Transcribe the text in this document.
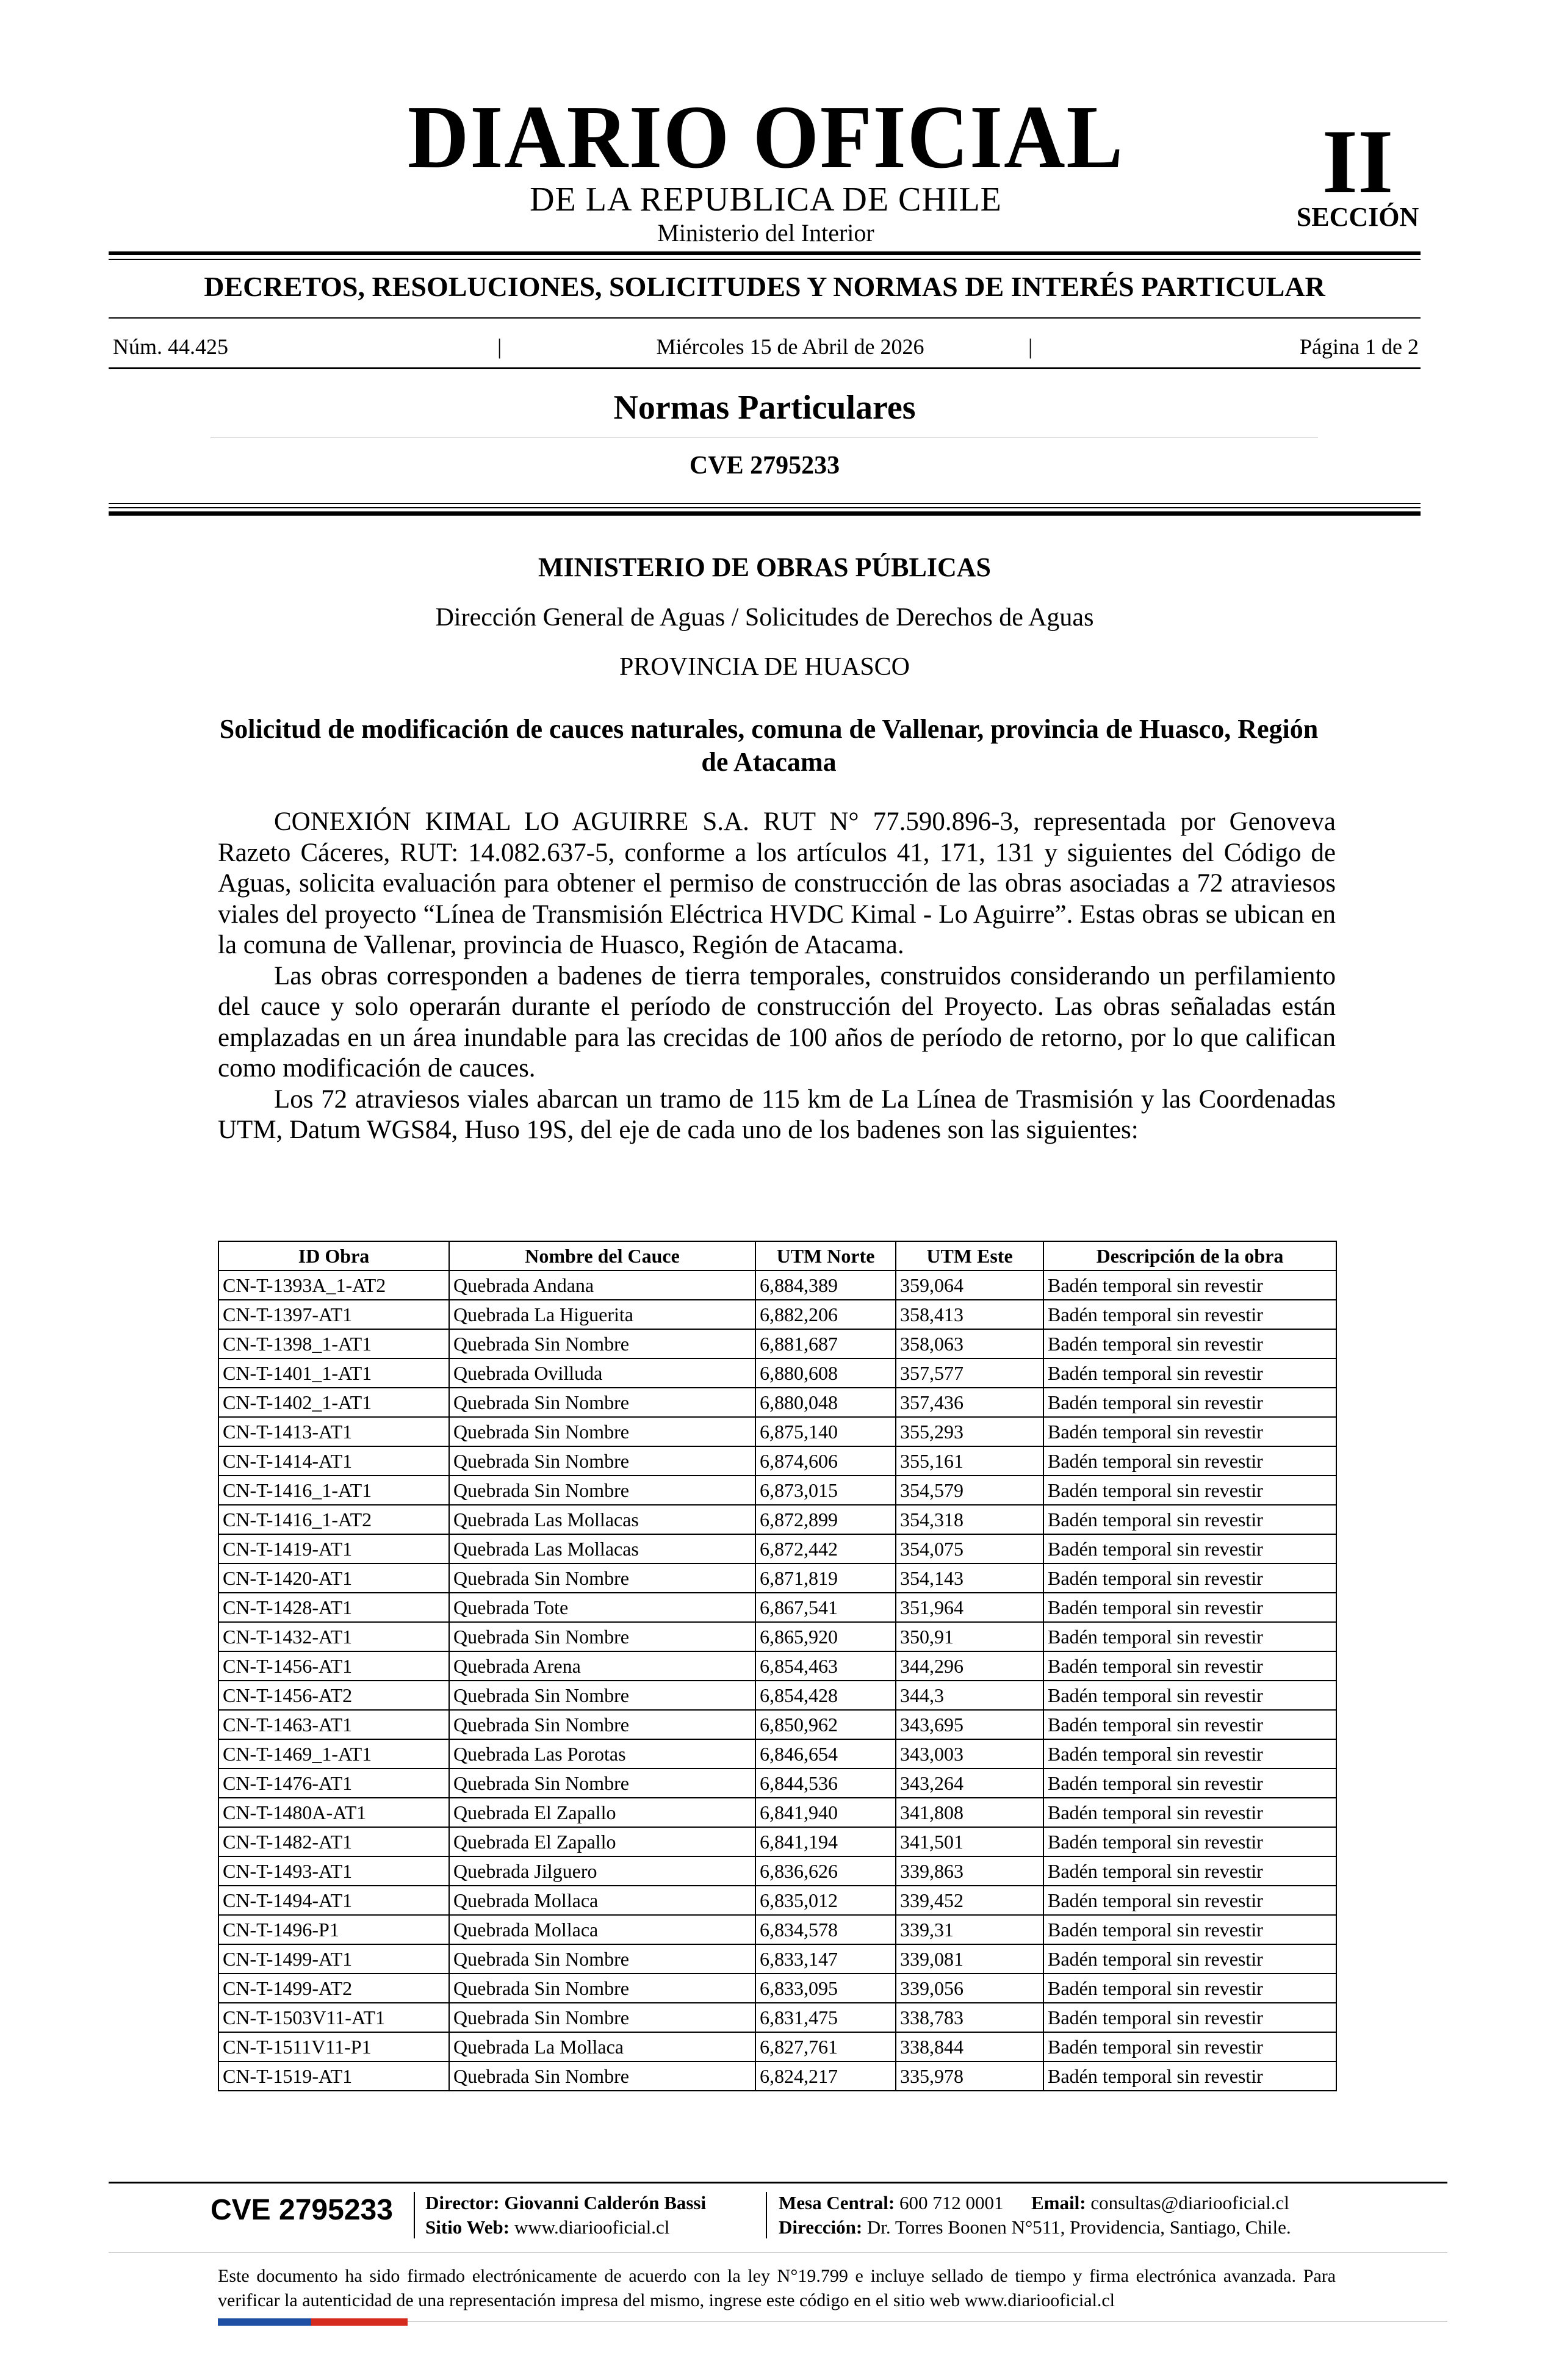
DIARIO OFICIAL
DE LA REPUBLICA DE CHILE
Ministerio del Interior
II
SECCIÓN
DECRETOS, RESOLUCIONES, SOLICITUDES Y NORMAS DE INTERÉS PARTICULAR
Núm. 44.425	|	Miércoles 15 de Abril de 2026	|	Página 1 de 2
Normas Particulares
CVE 2795233
MINISTERIO DE OBRAS PÚBLICAS
Dirección General de Aguas / Solicitudes de Derechos de Aguas
PROVINCIA DE HUASCO
Solicitud de modificación de cauces naturales, comuna de Vallenar, provincia de Huasco, Región de Atacama

CONEXIÓN KIMAL LO AGUIRRE S.A. RUT N° 77.590.896-3, representada por Genoveva Razeto Cáceres, RUT: 14.082.637-5, conforme a los artículos 41, 171, 131 y siguientes del Código de Aguas, solicita evaluación para obtener el permiso de construcción de las obras asociadas a 72 atraviesos viales del proyecto “Línea de Transmisión Eléctrica HVDC Kimal - Lo Aguirre”. Estas obras se ubican en la comuna de Vallenar, provincia de Huasco, Región de Atacama.

Las obras corresponden a badenes de tierra temporales, construidos considerando un perfilamiento del cauce y solo operarán durante el período de construcción del Proyecto. Las obras señaladas están emplazadas en un área inundable para las crecidas de 100 años de período de retorno, por lo que califican como modificación de cauces.

Los 72 atraviesos viales abarcan un tramo de 115 km de La Línea de Trasmisión y las Coordenadas UTM, Datum WGS84, Huso 19S, del eje de cada uno de los badenes son las siguientes:

ID Obra	Nombre del Cauce	UTM Norte	UTM Este	Descripción de la obra
CN-T-1393A_1-AT2	Quebrada Andana	6,884,389	359,064	Badén temporal sin revestir
CN-T-1397-AT1	Quebrada La Higuerita	6,882,206	358,413	Badén temporal sin revestir
CN-T-1398_1-AT1	Quebrada Sin Nombre	6,881,687	358,063	Badén temporal sin revestir
CN-T-1401_1-AT1	Quebrada Ovilluda	6,880,608	357,577	Badén temporal sin revestir
CN-T-1402_1-AT1	Quebrada Sin Nombre	6,880,048	357,436	Badén temporal sin revestir
CN-T-1413-AT1	Quebrada Sin Nombre	6,875,140	355,293	Badén temporal sin revestir
CN-T-1414-AT1	Quebrada Sin Nombre	6,874,606	355,161	Badén temporal sin revestir
CN-T-1416_1-AT1	Quebrada Sin Nombre	6,873,015	354,579	Badén temporal sin revestir
CN-T-1416_1-AT2	Quebrada Las Mollacas	6,872,899	354,318	Badén temporal sin revestir
CN-T-1419-AT1	Quebrada Las Mollacas	6,872,442	354,075	Badén temporal sin revestir
CN-T-1420-AT1	Quebrada Sin Nombre	6,871,819	354,143	Badén temporal sin revestir
CN-T-1428-AT1	Quebrada Tote	6,867,541	351,964	Badén temporal sin revestir
CN-T-1432-AT1	Quebrada Sin Nombre	6,865,920	350,91	Badén temporal sin revestir
CN-T-1456-AT1	Quebrada Arena	6,854,463	344,296	Badén temporal sin revestir
CN-T-1456-AT2	Quebrada Sin Nombre	6,854,428	344,3	Badén temporal sin revestir
CN-T-1463-AT1	Quebrada Sin Nombre	6,850,962	343,695	Badén temporal sin revestir
CN-T-1469_1-AT1	Quebrada Las Porotas	6,846,654	343,003	Badén temporal sin revestir
CN-T-1476-AT1	Quebrada Sin Nombre	6,844,536	343,264	Badén temporal sin revestir
CN-T-1480A-AT1	Quebrada El Zapallo	6,841,940	341,808	Badén temporal sin revestir
CN-T-1482-AT1	Quebrada El Zapallo	6,841,194	341,501	Badén temporal sin revestir
CN-T-1493-AT1	Quebrada Jilguero	6,836,626	339,863	Badén temporal sin revestir
CN-T-1494-AT1	Quebrada Mollaca	6,835,012	339,452	Badén temporal sin revestir
CN-T-1496-P1	Quebrada Mollaca	6,834,578	339,31	Badén temporal sin revestir
CN-T-1499-AT1	Quebrada Sin Nombre	6,833,147	339,081	Badén temporal sin revestir
CN-T-1499-AT2	Quebrada Sin Nombre	6,833,095	339,056	Badén temporal sin revestir
CN-T-1503V11-AT1	Quebrada Sin Nombre	6,831,475	338,783	Badén temporal sin revestir
CN-T-1511V11-P1	Quebrada La Mollaca	6,827,761	338,844	Badén temporal sin revestir
CN-T-1519-AT1	Quebrada Sin Nombre	6,824,217	335,978	Badén temporal sin revestir
CVE 2795233	Director: Giovanni Calderón Bassi
Sitio Web: www.diariooficial.cl
Mesa Central: 600 712 0001 Email: consultas@diariooficial.cl
Dirección: Dr. Torres Boonen N°511, Providencia, Santiago, Chile.
Este documento ha sido firmado electrónicamente de acuerdo con la ley N°19.799 e incluye sellado de tiempo y firma electrónica avanzada. Para verificar la autenticidad de una representación impresa del mismo, ingrese este código en el sitio web www.diariooficial.cl
